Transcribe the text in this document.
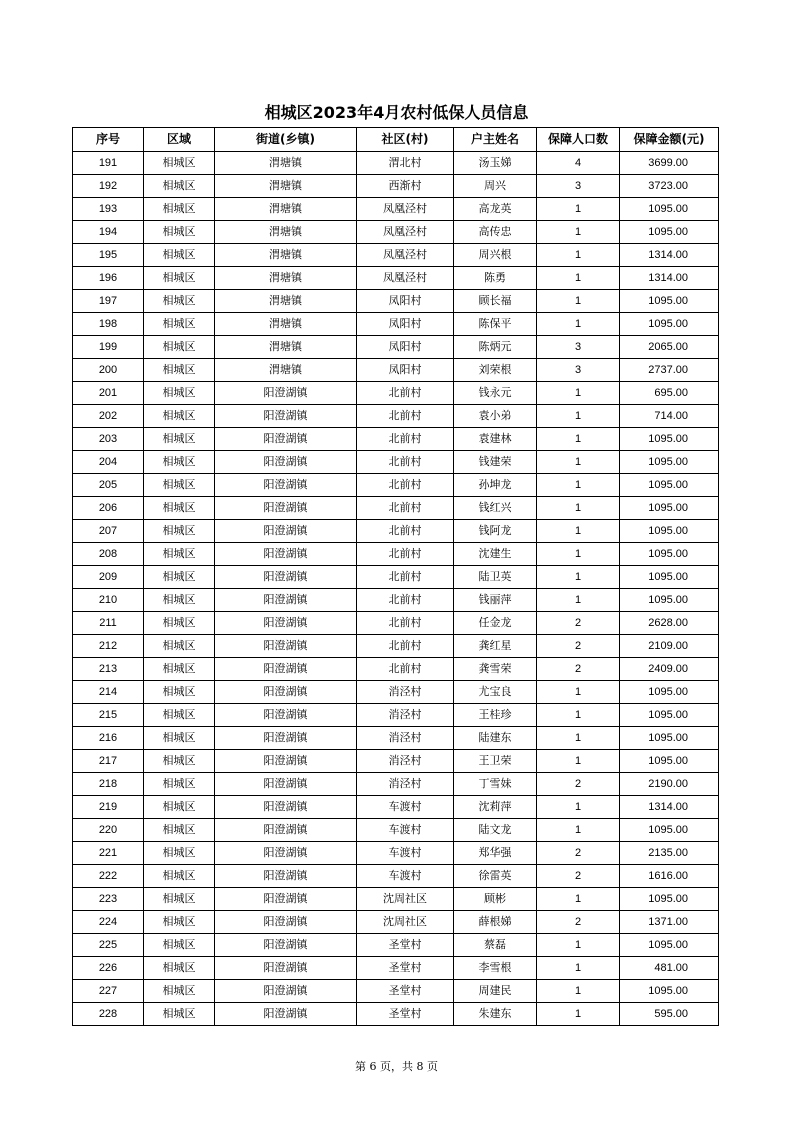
相城区2023年4月农村低保人员信息
序号	区域	街道(乡镇)	社区(村)	户主姓名	保障人口数	保障金额(元)
191	相城区	渭塘镇	渭北村	汤玉娣	4	3699.00
192	相城区	渭塘镇	西渐村	周兴	3	3723.00
193	相城区	渭塘镇	凤凰泾村	高龙英	1	1095.00
194	相城区	渭塘镇	凤凰泾村	高传忠	1	1095.00
195	相城区	渭塘镇	凤凰泾村	周兴根	1	1314.00
196	相城区	渭塘镇	凤凰泾村	陈勇	1	1314.00
197	相城区	渭塘镇	凤阳村	顾长福	1	1095.00
198	相城区	渭塘镇	凤阳村	陈保平	1	1095.00
199	相城区	渭塘镇	凤阳村	陈炳元	3	2065.00
200	相城区	渭塘镇	凤阳村	刘荣根	3	2737.00
201	相城区	阳澄湖镇	北前村	钱永元	1	695.00
202	相城区	阳澄湖镇	北前村	袁小弟	1	714.00
203	相城区	阳澄湖镇	北前村	袁建林	1	1095.00
204	相城区	阳澄湖镇	北前村	钱建荣	1	1095.00
205	相城区	阳澄湖镇	北前村	孙坤龙	1	1095.00
206	相城区	阳澄湖镇	北前村	钱红兴	1	1095.00
207	相城区	阳澄湖镇	北前村	钱阿龙	1	1095.00
208	相城区	阳澄湖镇	北前村	沈建生	1	1095.00
209	相城区	阳澄湖镇	北前村	陆卫英	1	1095.00
210	相城区	阳澄湖镇	北前村	钱丽萍	1	1095.00
211	相城区	阳澄湖镇	北前村	任金龙	2	2628.00
212	相城区	阳澄湖镇	北前村	龚红星	2	2109.00
213	相城区	阳澄湖镇	北前村	龚雪荣	2	2409.00
214	相城区	阳澄湖镇	消泾村	尤宝良	1	1095.00
215	相城区	阳澄湖镇	消泾村	王桂珍	1	1095.00
216	相城区	阳澄湖镇	消泾村	陆建东	1	1095.00
217	相城区	阳澄湖镇	消泾村	王卫荣	1	1095.00
218	相城区	阳澄湖镇	消泾村	丁雪妹	2	2190.00
219	相城区	阳澄湖镇	车渡村	沈莉萍	1	1314.00
220	相城区	阳澄湖镇	车渡村	陆文龙	1	1095.00
221	相城区	阳澄湖镇	车渡村	郑华强	2	2135.00
222	相城区	阳澄湖镇	车渡村	徐雷英	2	1616.00
223	相城区	阳澄湖镇	沈周社区	顾彬	1	1095.00
224	相城区	阳澄湖镇	沈周社区	薛根娣	2	1371.00
225	相城区	阳澄湖镇	圣堂村	蔡磊	1	1095.00
226	相城区	阳澄湖镇	圣堂村	李雪根	1	481.00
227	相城区	阳澄湖镇	圣堂村	周建民	1	1095.00
228	相城区	阳澄湖镇	圣堂村	朱建东	1	595.00
第 6 页，共 8 页
